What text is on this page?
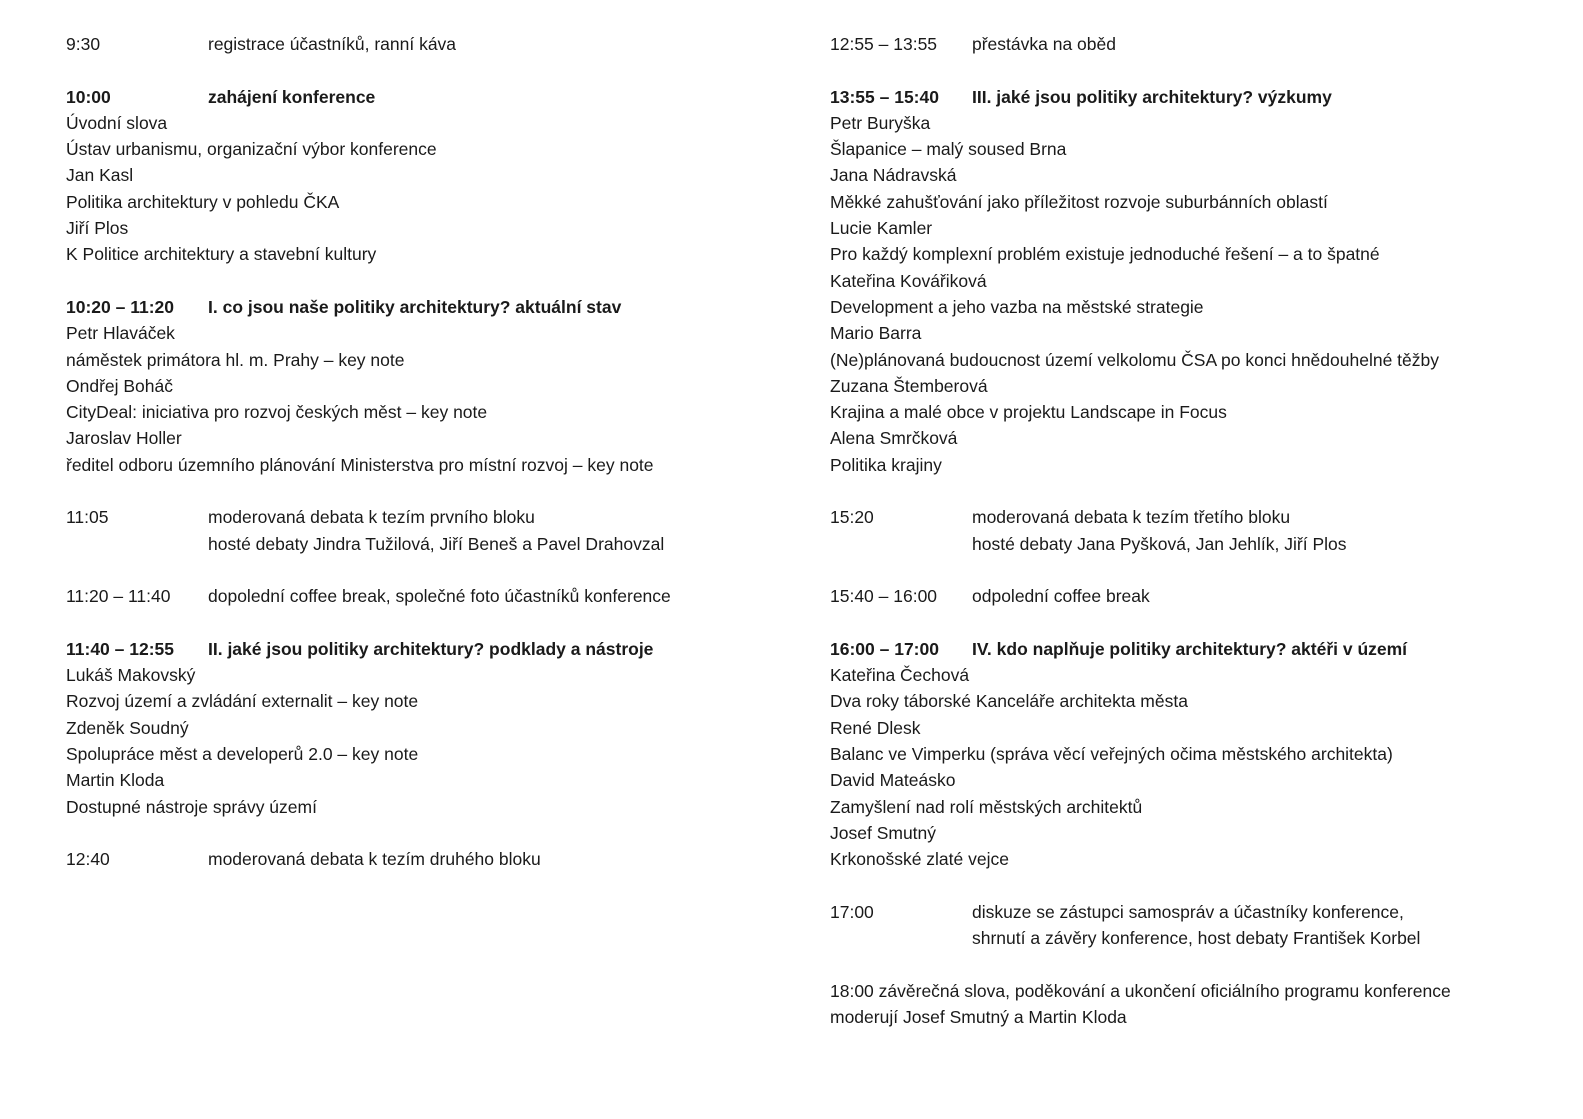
9:30	registrace účastníků, ranní káva
10:00	zahájení konference
Úvodní slova
Ústav urbanismu, organizační výbor konference
Jan Kasl
Politika architektury v pohledu ČKA
Jiří Plos
K Politice architektury a stavební kultury
10:20 – 11:20 I. co jsou naše politiky architektury? aktuální stav
Petr Hlaváček
náměstek primátora hl. m. Prahy – key note
Ondřej Boháč
CityDeal: iniciativa pro rozvoj českých měst – key note
Jaroslav Holler
ředitel odboru územního plánování Ministerstva pro místní rozvoj – key note
11:05	moderovaná debata k tezím prvního bloku
hosté debaty Jindra Tužilová, Jiří Beneš a Pavel Drahovzal
11:20 – 11:40 dopolední coffee break, společné foto účastníků konference
11:40 – 12:55 II. jaké jsou politiky architektury? podklady a nástroje
Lukáš Makovský
Rozvoj území a zvládání externalit – key note
Zdeněk Soudný
Spolupráce měst a developerů 2.0 – key note
Martin Kloda
Dostupné nástroje správy území
12:40	moderovaná debata k tezím druhého bloku
12:55 – 13:55 přestávka na oběd
13:55 – 15:40 III. jaké jsou politiky architektury? výzkumy
Petr Buryška
Šlapanice – malý soused Brna
Jana Nádravská
Měkké zahušťování jako příležitost rozvoje suburbánních oblastí
Lucie Kamler
Pro každý komplexní problém existuje jednoduché řešení – a to špatné
Kateřina Kovářiková
Development a jeho vazba na městské strategie
Mario Barra
(Ne)plánovaná budoucnost území velkolomu ČSA po konci hnědouhelné těžby
Zuzana Štemberová
Krajina a malé obce v projektu Landscape in Focus
Alena Smrčková
Politika krajiny
15:20	moderovaná debata k tezím třetího bloku
hosté debaty Jana Pyšková, Jan Jehlík, Jiří Plos
15:40 – 16:00 odpolední coffee break
16:00 – 17:00 IV. kdo naplňuje politiky architektury? aktéři v území
Kateřina Čechová
Dva roky táborské Kanceláře architekta města
René Dlesk
Balanc ve Vimperku (správa věcí veřejných očima městského architekta)
David Mateásko
Zamyšlení nad rolí městských architektů
Josef Smutný
Krkonošské zlaté vejce
17:00	diskuze se zástupci samospráv a účastníky konference,
shrnutí a závěry konference, host debaty František Korbel
18:00 závěrečná slova, poděkování a ukončení oficiálního programu konference
moderují Josef Smutný a Martin Kloda
